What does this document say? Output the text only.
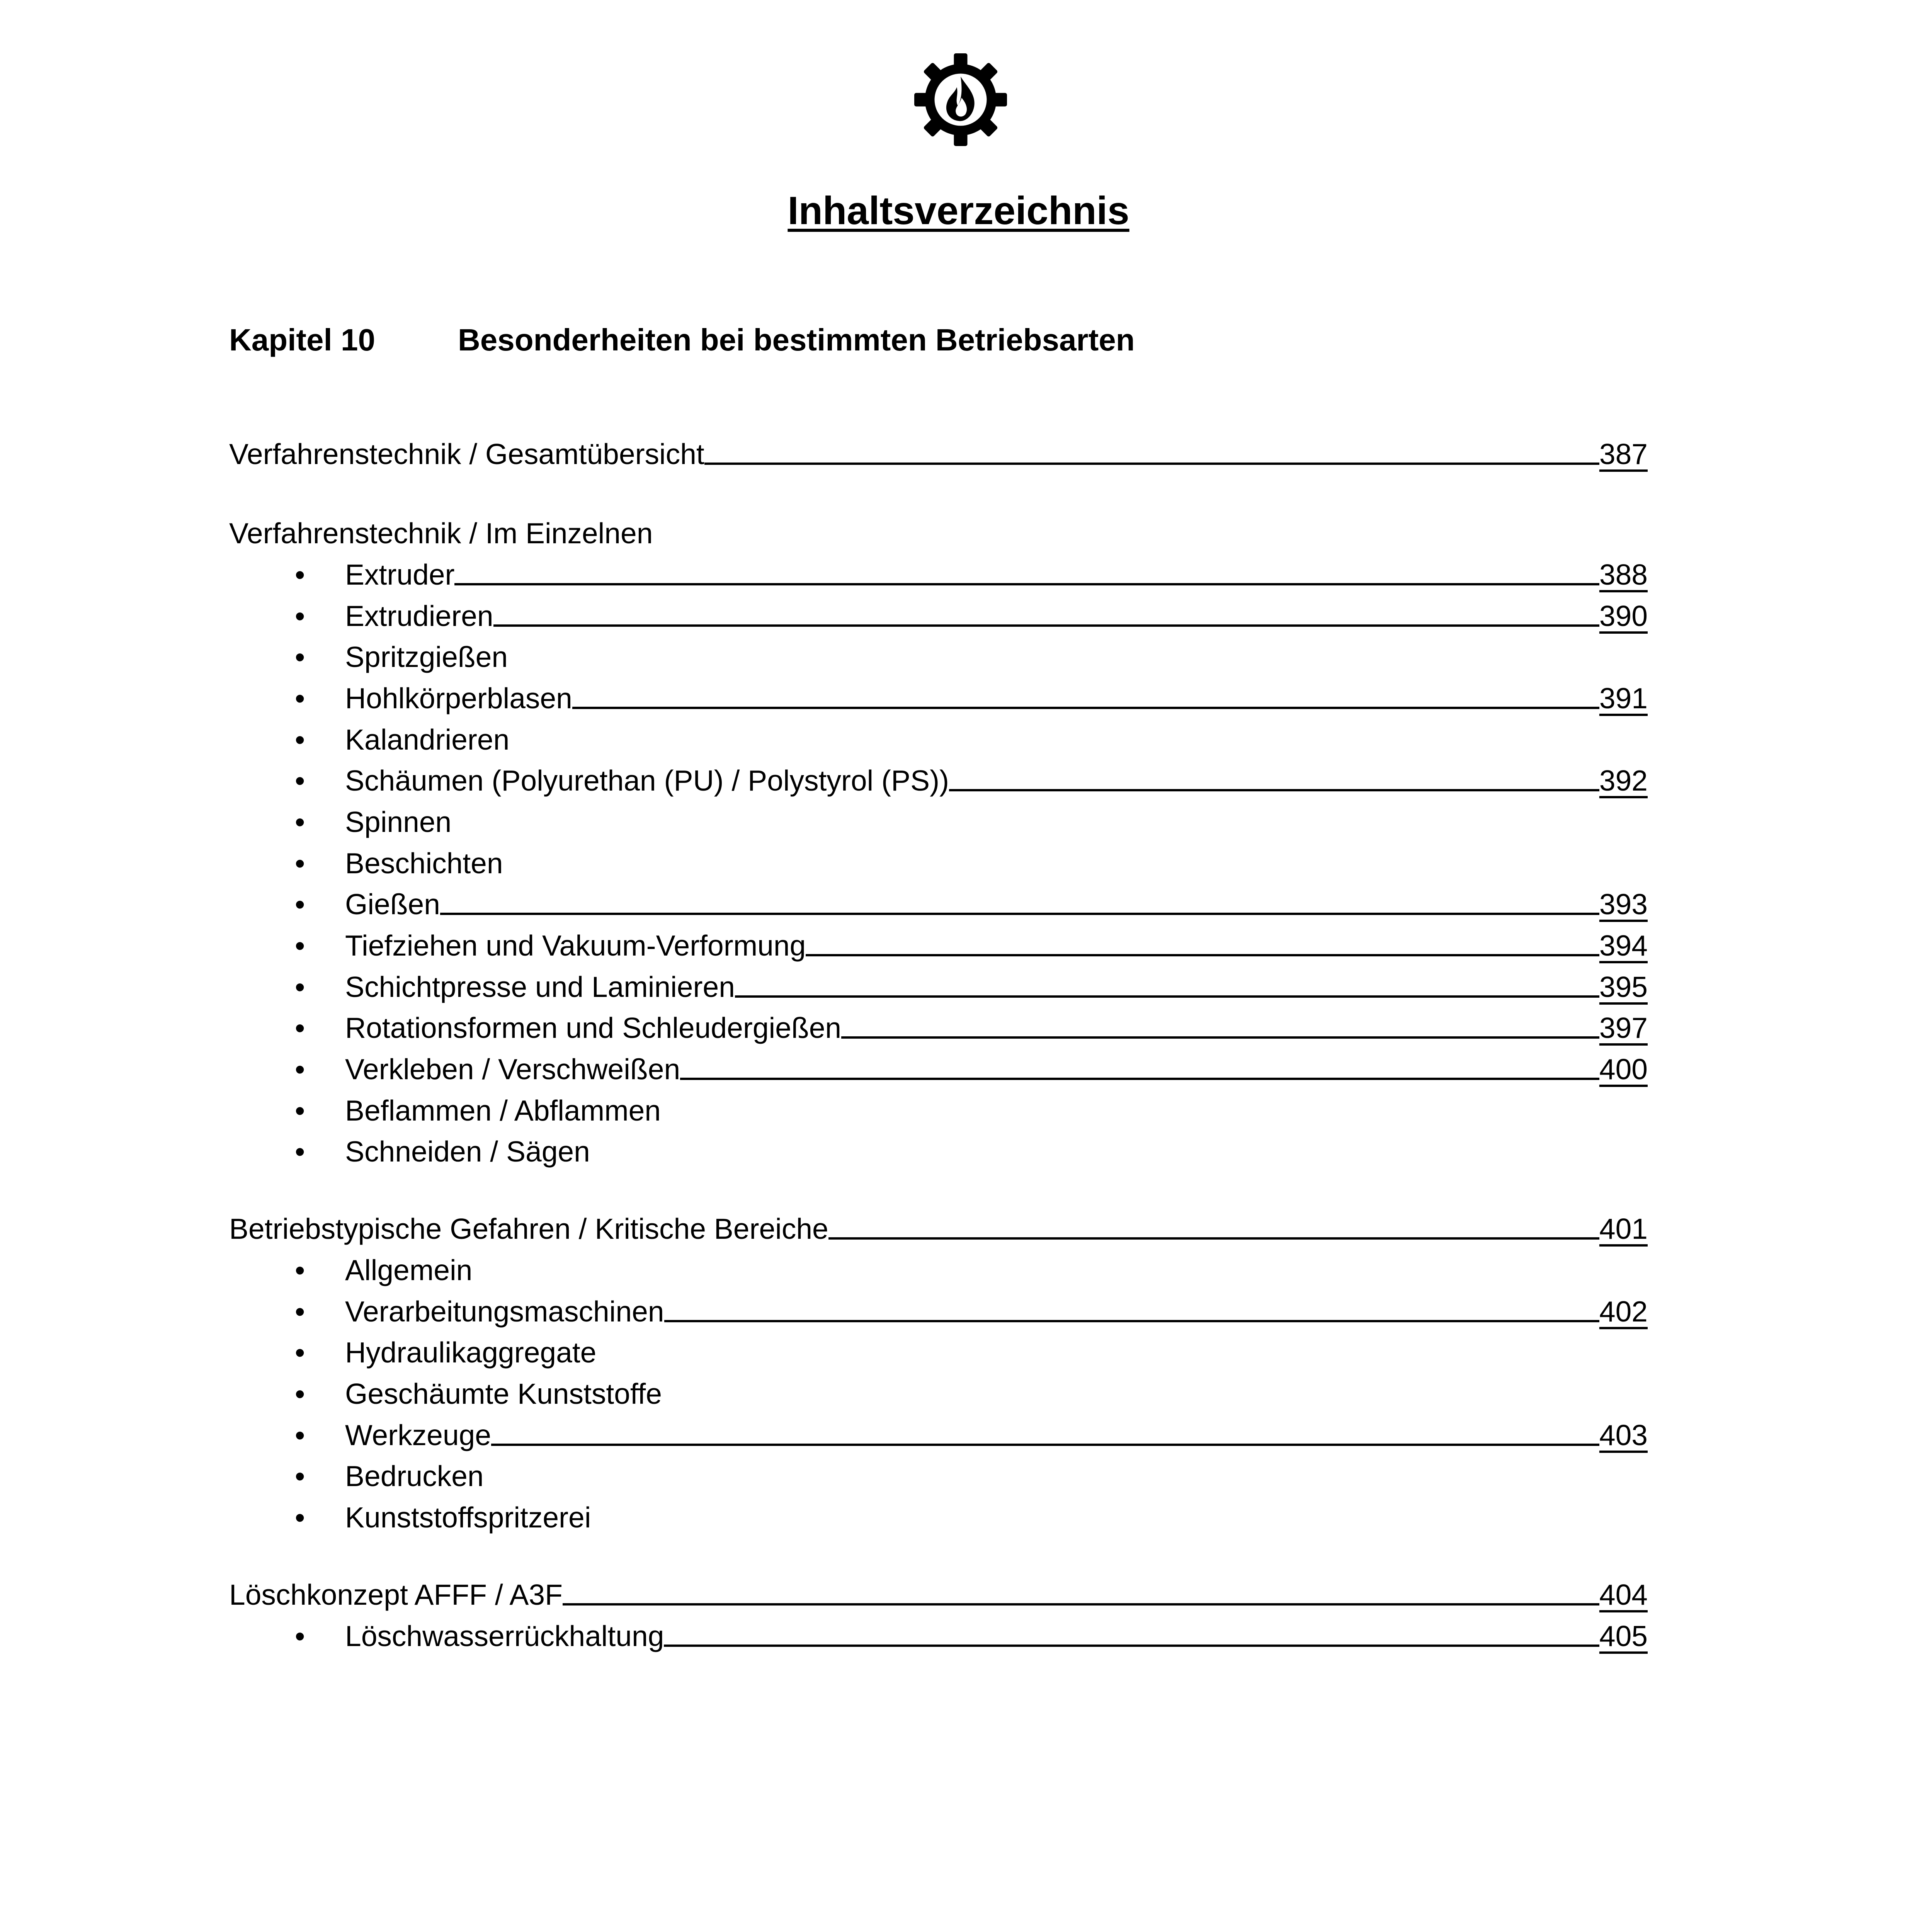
Inhaltsverzeichnis
Kapitel 10	Besonderheiten bei bestimmten Betriebsarten
Verfahrenstechnik / Gesamtübersicht	387
Verfahrenstechnik / Im Einzelnen
•	Extruder	388
•	Extrudieren	390
•	Spritzgießen
•	Hohlkörperblasen	391
•	Kalandrieren
•	Schäumen (Polyurethan (PU) / Polystyrol (PS))	392
•	Spinnen
•	Beschichten
•	Gießen	393
•	Tiefziehen und Vakuum-Verformung	394
•	Schichtpresse und Laminieren	395
•	Rotationsformen und Schleudergießen	397
•	Verkleben / Verschweißen	400
•	Beflammen / Abflammen
•	Schneiden / Sägen
Betriebstypische Gefahren / Kritische Bereiche	401
•	Allgemein
•	Verarbeitungsmaschinen	402
•	Hydraulikaggregate
•	Geschäumte Kunststoffe
•	Werkzeuge	403
•	Bedrucken
•	Kunststoffspritzerei
Löschkonzept AFFF / A3F	404
•	Löschwasserrückhaltung	405
